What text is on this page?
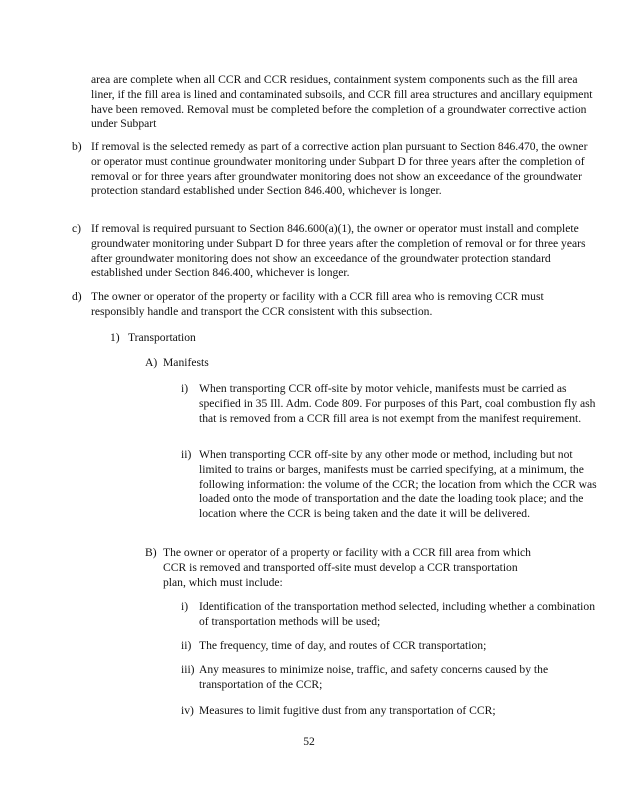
area are complete when all CCR and CCR residues, containment system components such as the fill area liner, if the fill area is lined and contaminated subsoils, and CCR fill area structures and ancillary equipment have been removed. Removal must be completed before the completion of a groundwater corrective action under Subpart

b) If removal is the selected remedy as part of a corrective action plan pursuant to Section 846.470, the owner or operator must continue groundwater monitoring under Subpart D for three years after the completion of removal or for three years after groundwater monitoring does not show an exceedance of the groundwater protection standard established under Section 846.400, whichever is longer.
c) If removal is required pursuant to Section 846.600(a)(1), the owner or operator must install and complete groundwater monitoring under Subpart D for three years after the completion of removal or for three years after groundwater monitoring does not show an exceedance of the groundwater protection standard established under Section 846.400, whichever is longer.
d) The owner or operator of the property or facility with a CCR fill area who is removing CCR must responsibly handle and transport the CCR consistent with this subsection.
1) Transportation
A) Manifests
i) When transporting CCR off-site by motor vehicle, manifests must be carried as specified in 35 Ill. Adm. Code 809. For purposes of this Part, coal combustion fly ash that is removed from a CCR fill area is not exempt from the manifest requirement.
ii) When transporting CCR off-site by any other mode or method, including but not limited to trains or barges, manifests must be carried specifying, at a minimum, the following information: the volume of the CCR; the location from which the CCR was loaded onto the mode of transportation and the date the loading took place; and the location where the CCR is being taken and the date it will be delivered.
B) The owner or operator of a property or facility with a CCR fill area from which CCR is removed and transported off-site must develop a CCR transportation plan, which must include:
i) Identification of the transportation method selected, including whether a combination of transportation methods will be used;
ii) The frequency, time of day, and routes of CCR transportation;
iii) Any measures to minimize noise, traffic, and safety concerns caused by the transportation of the CCR;
iv) Measures to limit fugitive dust from any transportation of CCR;
52
